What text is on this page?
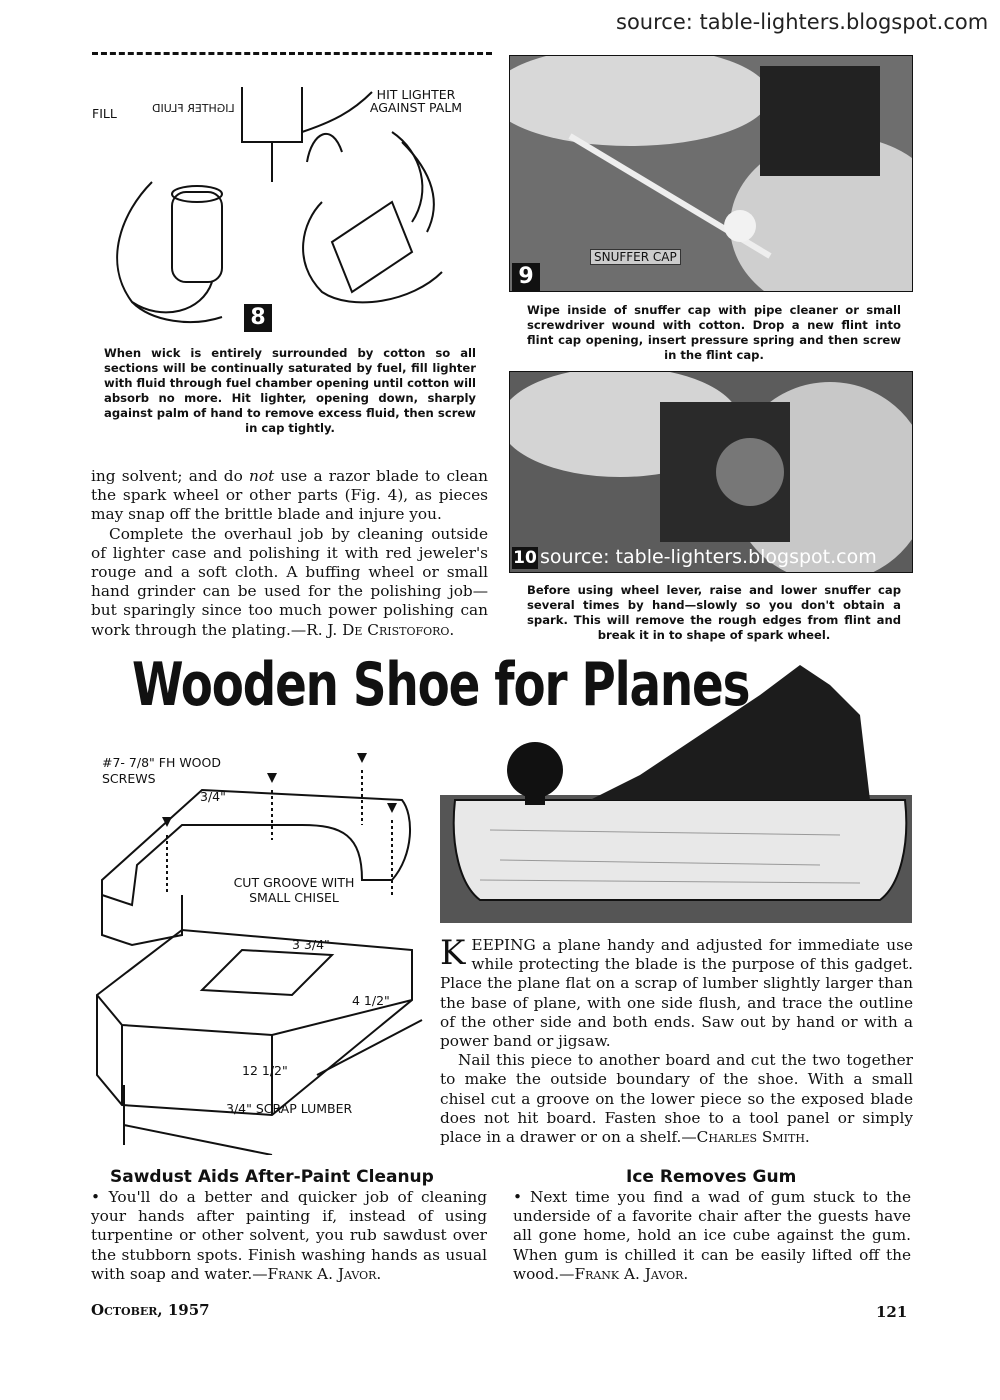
source: table-lighters.blogspot.com
FILL
HIT LIGHTER AGAINST PALM
LIGHTER FLUID
8
When wick is entirely surrounded by cotton so all sections will be continually saturated by fuel, fill lighter with fluid through fuel chamber opening until cotton will absorb no more. Hit lighter, opening down, sharply against palm of hand to remove excess fluid, then screw in cap tightly.
SNUFFER CAP
9
Wipe inside of snuffer cap with pipe cleaner or small screwdriver wound with cotton. Drop a new flint into flint cap opening, insert pressure spring and then screw in the flint cap.
10 source: table-lighters.blogspot.com
Before using wheel lever, raise and lower snuffer cap several times by hand—slowly so you don't obtain a spark. This will remove the rough edges from flint and break it in to shape of spark wheel.

ing solvent; and do not use a razor blade to clean the spark wheel or other parts (Fig. 4), as pieces may snap off the brittle blade and injure you.

Complete the overhaul job by cleaning outside of lighter case and polishing it with red jeweler's rouge and a soft cloth. A buffing wheel or small hand grinder can be used for the polishing job—but sparingly since too much power polishing can work through the plating.—R. J. De Cristoforo.

Wooden Shoe for Planes
#7- 7/8" FH WOOD SCREWS
3/4"
CUT GROOVE WITH SMALL CHISEL
3 3/4"
4 1/2"
12 1/2"
3/4" SCRAP LUMBER

KEEPING a plane handy and adjusted for immediate use while protecting the blade is the purpose of this gadget. Place the plane flat on a scrap of lumber slightly larger than the base of plane, with one side flush, and trace the outline of the other side and both ends. Saw out by hand or with a power band or jigsaw.

Nail this piece to another board and cut the two together to make the outside boundary of the shoe. With a small chisel cut a groove on the lower piece so the exposed blade does not hit board. Fasten shoe to a tool panel or simply place in a drawer or on a shelf.—Charles Smith.

Sawdust Aids After-Paint Cleanup

• You'll do a better and quicker job of cleaning your hands after painting if, instead of using turpentine or other solvent, you rub sawdust over the stubborn spots. Finish washing hands as usual with soap and water.—Frank A. Javor.

Ice Removes Gum

• Next time you find a wad of gum stuck to the underside of a favorite chair after the guests have all gone home, hold an ice cube against the gum. When gum is chilled it can be easily lifted off the wood.—Frank A. Javor.

October, 1957	121
